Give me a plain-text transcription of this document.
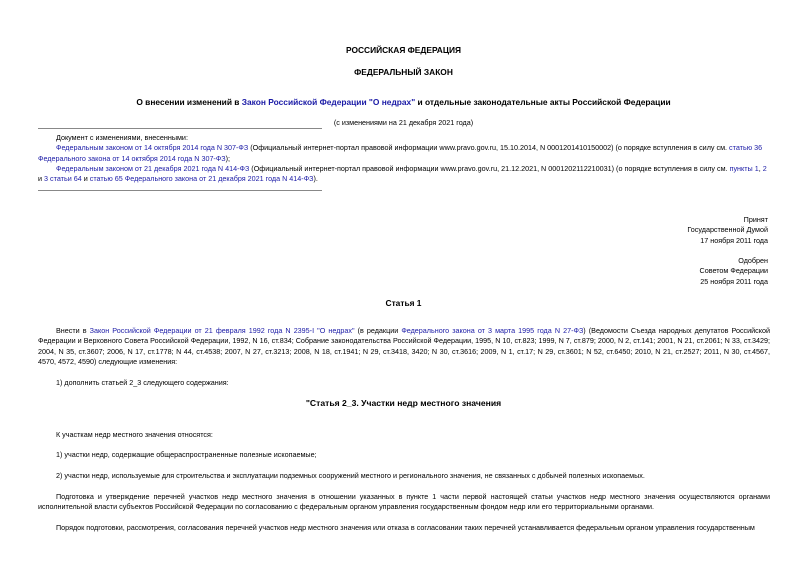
РОССИЙСКАЯ ФЕДЕРАЦИЯ
ФЕДЕРАЛЬНЫЙ ЗАКОН
О внесении изменений в Закон Российской Федерации "О недрах" и отдельные законодательные акты Российской Федерации
(с изменениями на 21 декабря 2021 года)

Документ с изменениями, внесенными:

Федеральным законом от 14 октября 2014 года N 307-ФЗ (Официальный интернет-портал правовой информации www.pravo.gov.ru, 15.10.2014, N 0001201410150002) (о порядке вступления в силу см. статью 36 Федерального закона от 14 октября 2014 года N 307-ФЗ);

Федеральным законом от 21 декабря 2021 года N 414-ФЗ (Официальный интернет-портал правовой информации www.pravo.gov.ru, 21.12.2021, N 0001202112210031) (о порядке вступления в силу см. пункты 1, 2 и 3 статьи 64 и статью 65 Федерального закона от 21 декабря 2021 года N 414-ФЗ).

Принят
Государственной Думой
17 ноября 2011 года
Одобрен
Советом Федерации
25 ноября 2011 года
Статья 1
Внести в Закон Российской Федерации от 21 февраля 1992 года N 2395-I "О недрах" (в редакции Федерального закона от 3 марта 1995 года N 27-ФЗ) (Ведомости Съезда народных депутатов Российской Федерации и Верховного Совета Российской Федерации, 1992, N 16, ст.834; Собрание законодательства Российской Федерации, 1995, N 10, ст.823; 1999, N 7, ст.879; 2000, N 2, ст.141; 2001, N 21, ст.2061; N 33, ст.3429; 2004, N 35, ст.3607; 2006, N 17, ст.1778; N 44, ст.4538; 2007, N 27, ст.3213; 2008, N 18, ст.1941; N 29, ст.3418, 3420; N 30, ст.3616; 2009, N 1, ст.17; N 29, ст.3601; N 52, ст.6450; 2010, N 21, ст.2527; 2011, N 30, ст.4567, 4570, 4572, 4590) следующие изменения:
1) дополнить статьей 2_3 следующего содержания:
"Статья 2_3. Участки недр местного значения
К участкам недр местного значения относятся:
1) участки недр, содержащие общераспространенные полезные ископаемые;
2) участки недр, используемые для строительства и эксплуатации подземных сооружений местного и регионального значения, не связанных с добычей полезных ископаемых.
Подготовка и утверждение перечней участков недр местного значения в отношении указанных в пункте 1 части первой настоящей статьи участков недр местного значения осуществляются органами исполнительной власти субъектов Российской Федерации по согласованию с федеральным органом управления государственным фондом недр или его территориальными органами.
Порядок подготовки, рассмотрения, согласования перечней участков недр местного значения или отказа в согласовании таких перечней устанавливается федеральным органом управления государственным
